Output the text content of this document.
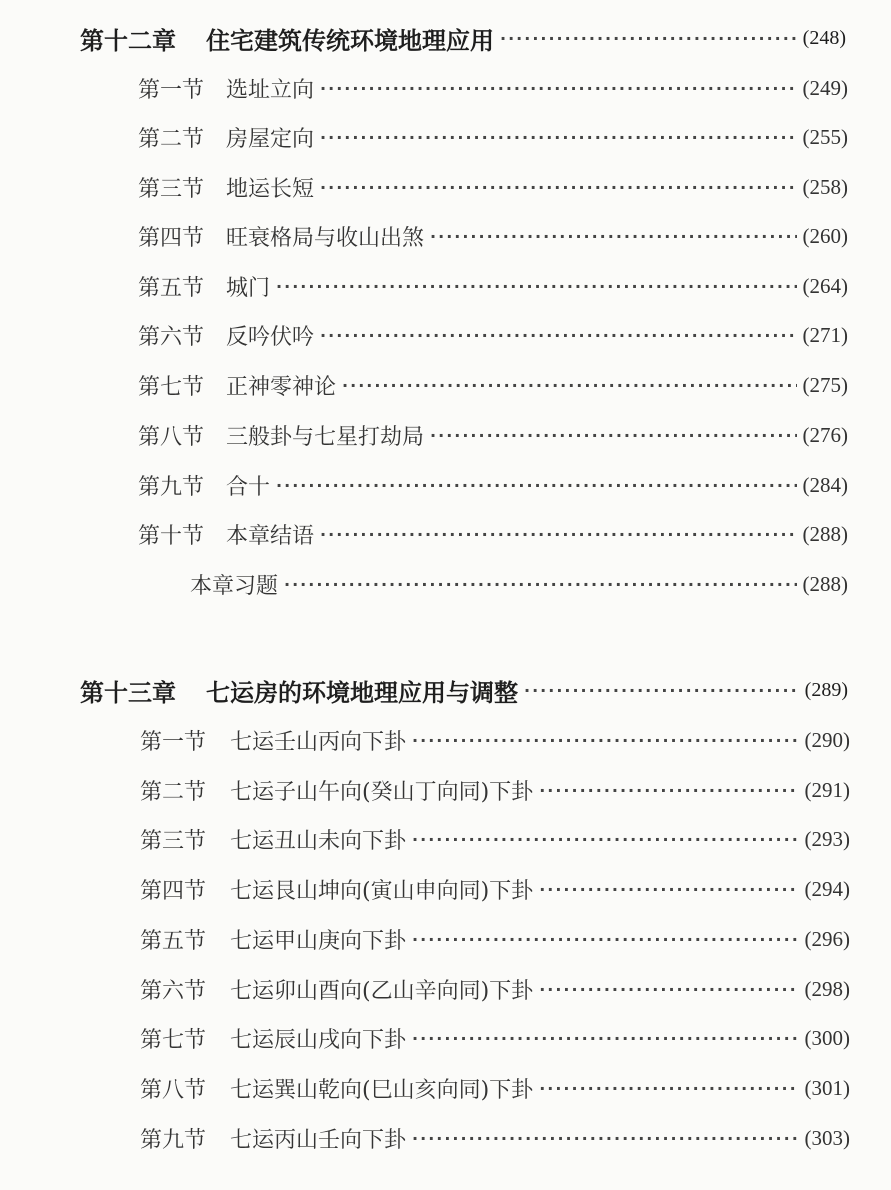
第十二章 住宅建筑传统环境地理应用 ·····	(248)
第一节 选址立向 ·····	(249)
第二节 房屋定向 ·····	(255)
第三节 地运长短 ·····	(258)
第四节 旺衰格局与收山出煞 ·····	(260)
第五节 城门 ·····	(264)
第六节 反吟伏吟 ·····	(271)
第七节 正神零神论 ·····	(275)
第八节 三般卦与七星打劫局 ·····	(276)
第九节 合十 ·····	(284)
第十节 本章结语 ·····	(288)
本章习题 ·····	(288)
第十三章 七运房的环境地理应用与调整 ·····	(289)
第一节 七运壬山丙向下卦 ·····	(290)
第二节 七运子山午向(癸山丁向同)下卦 ·····	(291)
第三节 七运丑山未向下卦 ·····	(293)
第四节 七运艮山坤向(寅山申向同)下卦 ·····	(294)
第五节 七运甲山庚向下卦 ·····	(296)
第六节 七运卯山酉向(乙山辛向同)下卦 ·····	(298)
第七节 七运辰山戌向下卦 ·····	(300)
第八节 七运巽山乾向(巳山亥向同)下卦 ·····	(301)
第九节 七运丙山壬向下卦 ·····	(303)
